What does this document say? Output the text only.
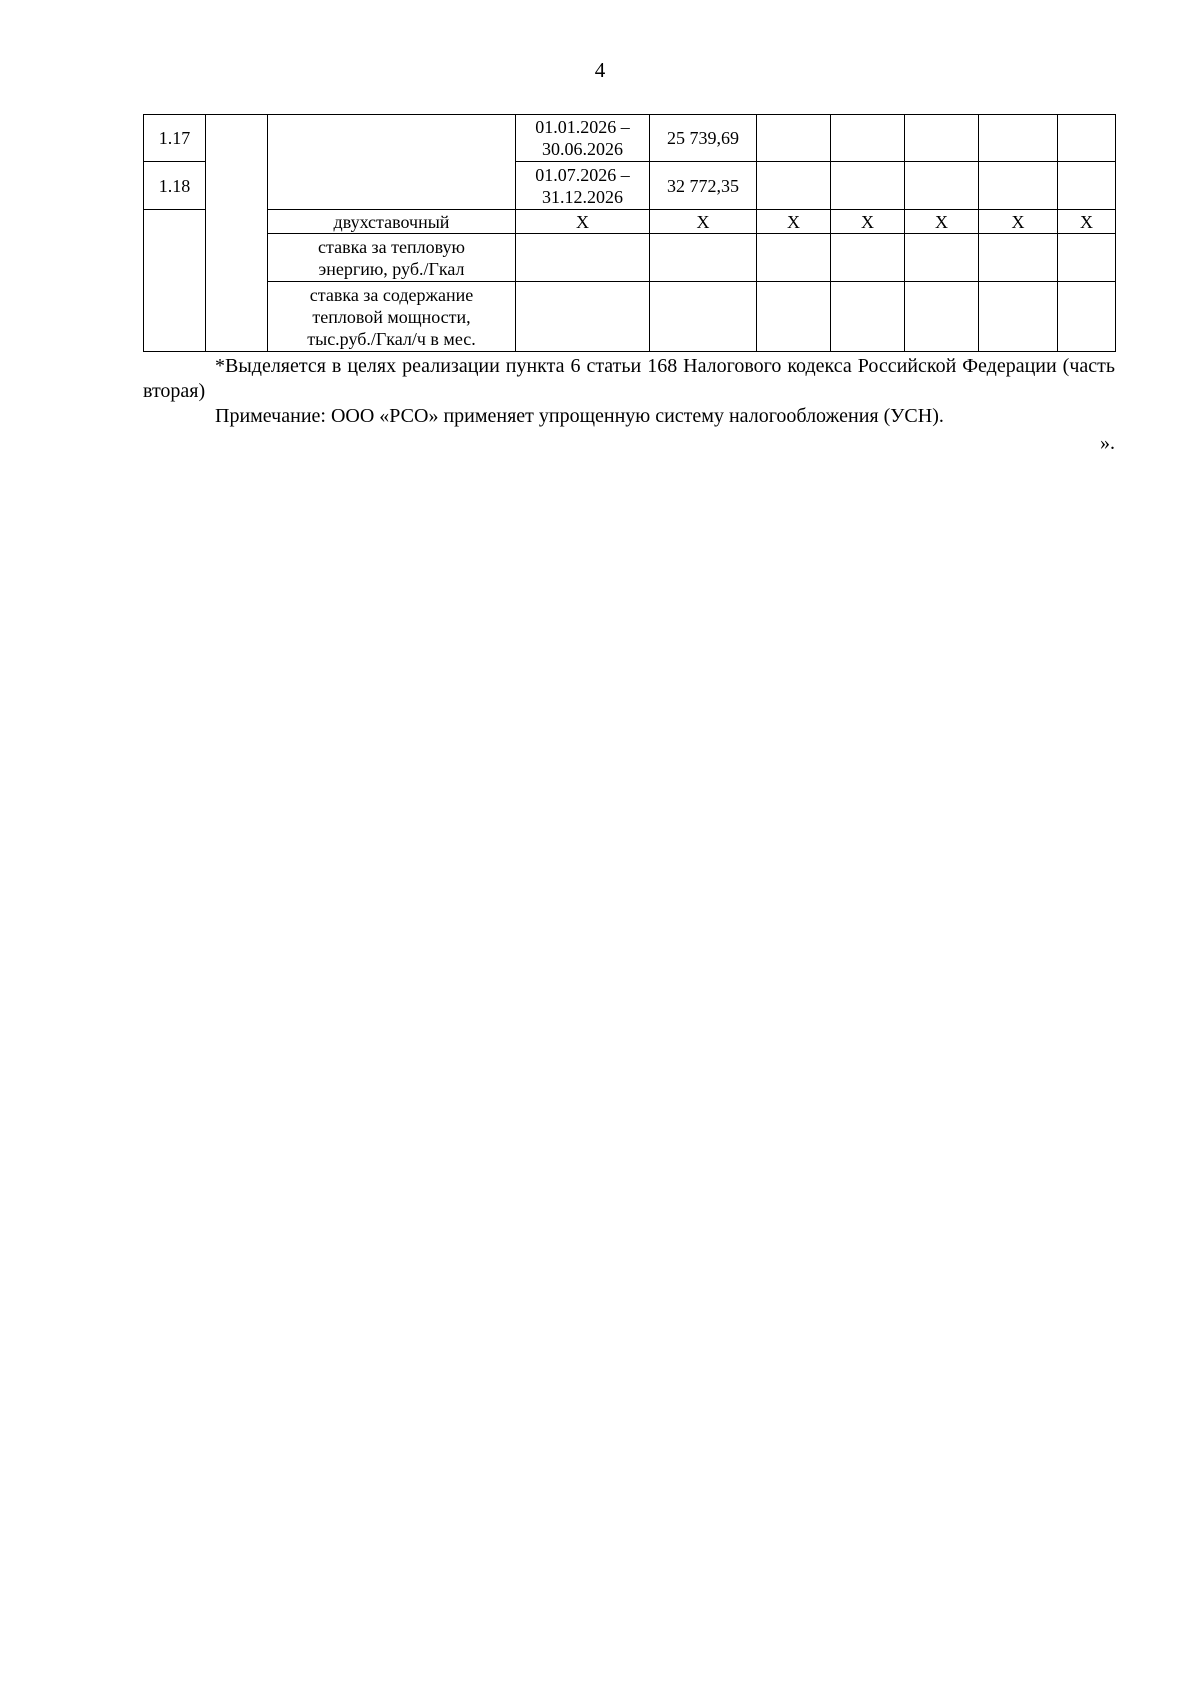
4
1.17			01.01.2026 –
30.06.2026	25 739,69					
1.18			01.07.2026 –
31.12.2026	32 772,35					
		двухставочный	X	X	X	X	X	X	X
		ставка за тепловую
энергию, руб./Гкал							
		ставка за содержание
тепловой мощности,
тыс.руб./Гкал/ч в мес.							

*Выделяется в целях реализации пункта 6 статьи 168 Налогового кодекса Российской Федерации (часть вторая)

Примечание: ООО «РСО» применяет упрощенную систему налогообложения (УСН).

».
